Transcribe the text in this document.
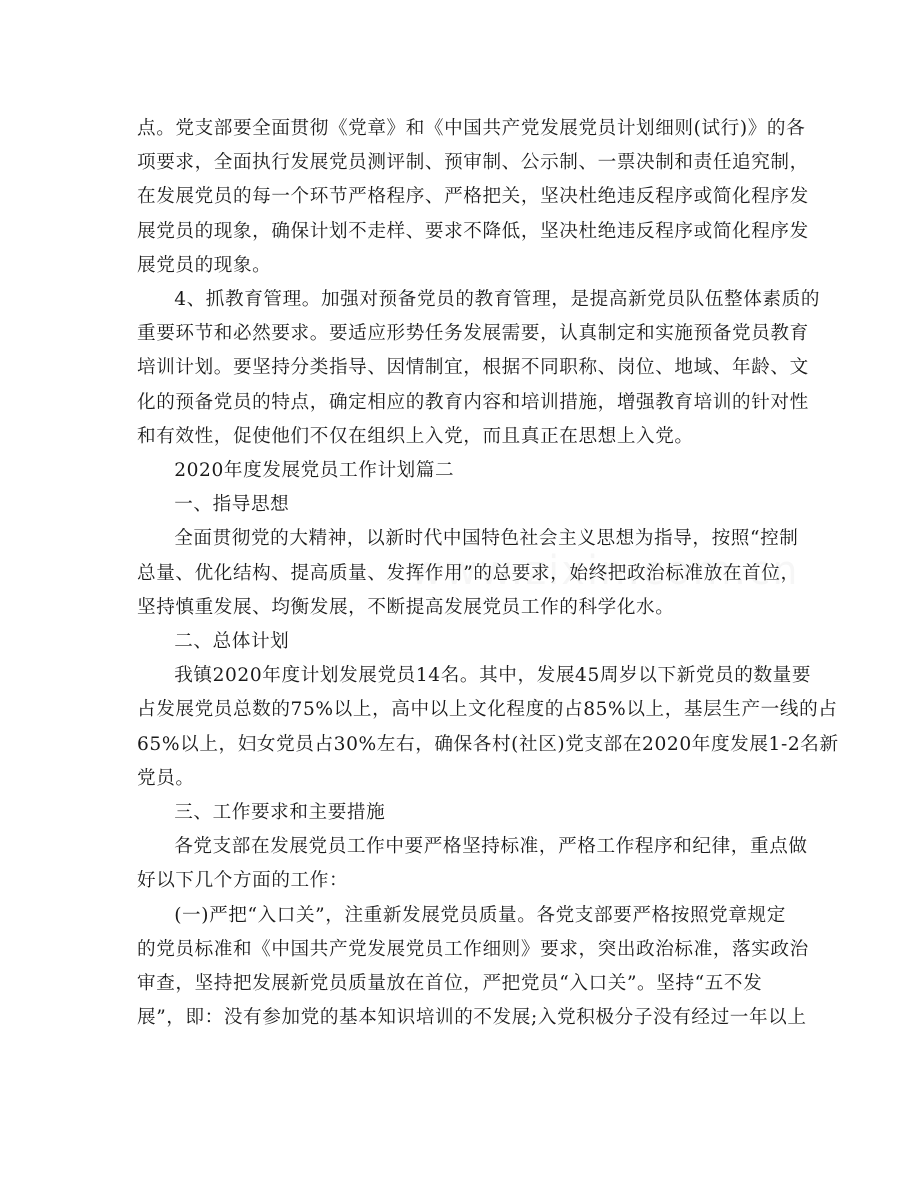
点。党支部要全面贯彻《党章》和《中国共产党发展党员计划细则(试行)》的各
项要求，全面执行发展党员测评制、预审制、公示制、一票决制和责任追究制，
在发展党员的每一个环节严格程序、严格把关，坚决杜绝违反程序或简化程序发
展党员的现象，确保计划不走样、要求不降低，坚决杜绝违反程序或简化程序发
展党员的现象。

4、抓教育管理。加强对预备党员的教育管理，是提高新党员队伍整体素质的
重要环节和必然要求。要适应形势任务发展需要，认真制定和实施预备党员教育
培训计划。要坚持分类指导、因情制宜，根据不同职称、岗位、地域、年龄、文
化的预备党员的特点，确定相应的教育内容和培训措施，增强教育培训的针对性
和有效性，促使他们不仅在组织上入党，而且真正在思想上入党。

2020年度发展党员工作计划篇二

一、指导思想

全面贯彻党的大精神，以新时代中国特色社会主义思想为指导，按照“控制
总量、优化结构、提高质量、发挥作用”的总要求，始终把政治标准放在首位，
坚持慎重发展、均衡发展，不断提高发展党员工作的科学化水。

二、总体计划

我镇2020年度计划发展党员14名。其中，发展45周岁以下新党员的数量要
占发展党员总数的75%以上，高中以上文化程度的占85%以上，基层生产一线的占
65%以上，妇女党员占30%左右，确保各村(社区)党支部在2020年度发展1-2名新
党员。

三、工作要求和主要措施

各党支部在发展党员工作中要严格坚持标准，严格工作程序和纪律，重点做
好以下几个方面的工作：

(一)严把“入口关”，注重新发展党员质量。各党支部要严格按照党章规定
的党员标准和《中国共产党发展党员工作细则》要求，突出政治标准，落实政治
审查，坚持把发展新党员质量放在首位，严把党员“入口关”。坚持“五不发
展”，即：没有参加党的基本知识培训的不发展;入党积极分子没有经过一年以上
